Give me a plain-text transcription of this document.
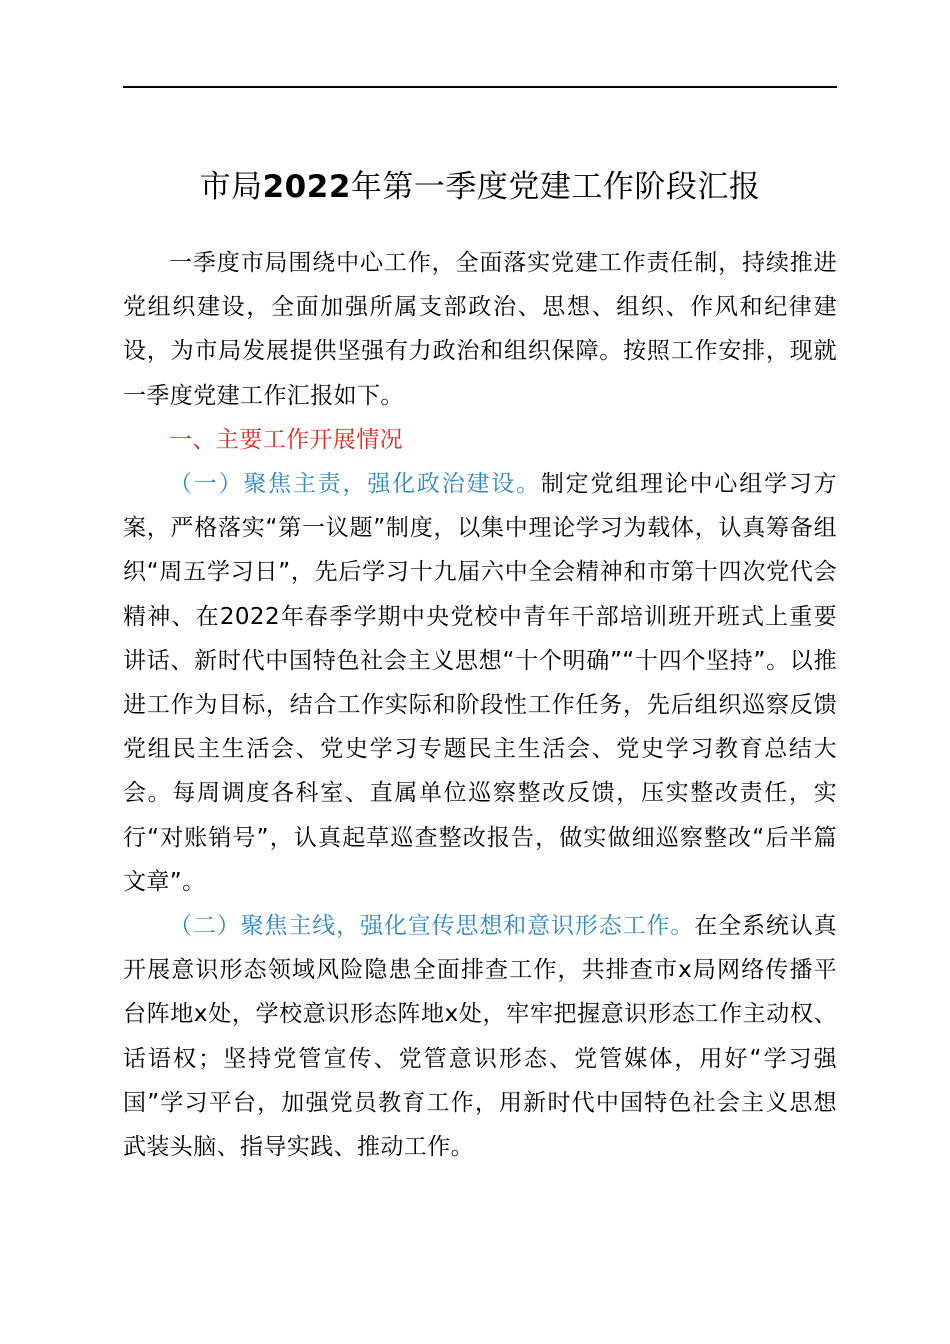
市局2022年第一季度党建工作阶段汇报

一季度市局围绕中心工作，全面落实党建工作责任制，持续推进党组织建设，全面加强所属支部政治、思想、组织、作风和纪律建设，为市局发展提供坚强有力政治和组织保障。按照工作安排，现就一季度党建工作汇报如下。

一、主要工作开展情况

（一）聚焦主责，强化政治建设。制定党组理论中心组学习方案，严格落实“第一议题”制度，以集中理论学习为载体，认真筹备组织“周五学习日”，先后学习十九届六中全会精神和市第十四次党代会精神、在2022年春季学期中央党校中青年干部培训班开班式上重要讲话、新时代中国特色社会主义思想“十个明确”“十四个坚持”。以推进工作为目标，结合工作实际和阶段性工作任务，先后组织巡察反馈党组民主生活会、党史学习专题民主生活会、党史学习教育总结大会。每周调度各科室、直属单位巡察整改反馈，压实整改责任，实行“对账销号”，认真起草巡查整改报告，做实做细巡察整改“后半篇文章”。

（二）聚焦主线，强化宣传思想和意识形态工作。在全系统认真开展意识形态领域风险隐患全面排查工作，共排查市x局网络传播平台阵地x处，学校意识形态阵地x处，牢牢把握意识形态工作主动权、话语权；坚持党管宣传、党管意识形态、党管媒体，用好“学习强国”学习平台，加强党员教育工作，用新时代中国特色社会主义思想武装头脑、指导实践、推动工作。
